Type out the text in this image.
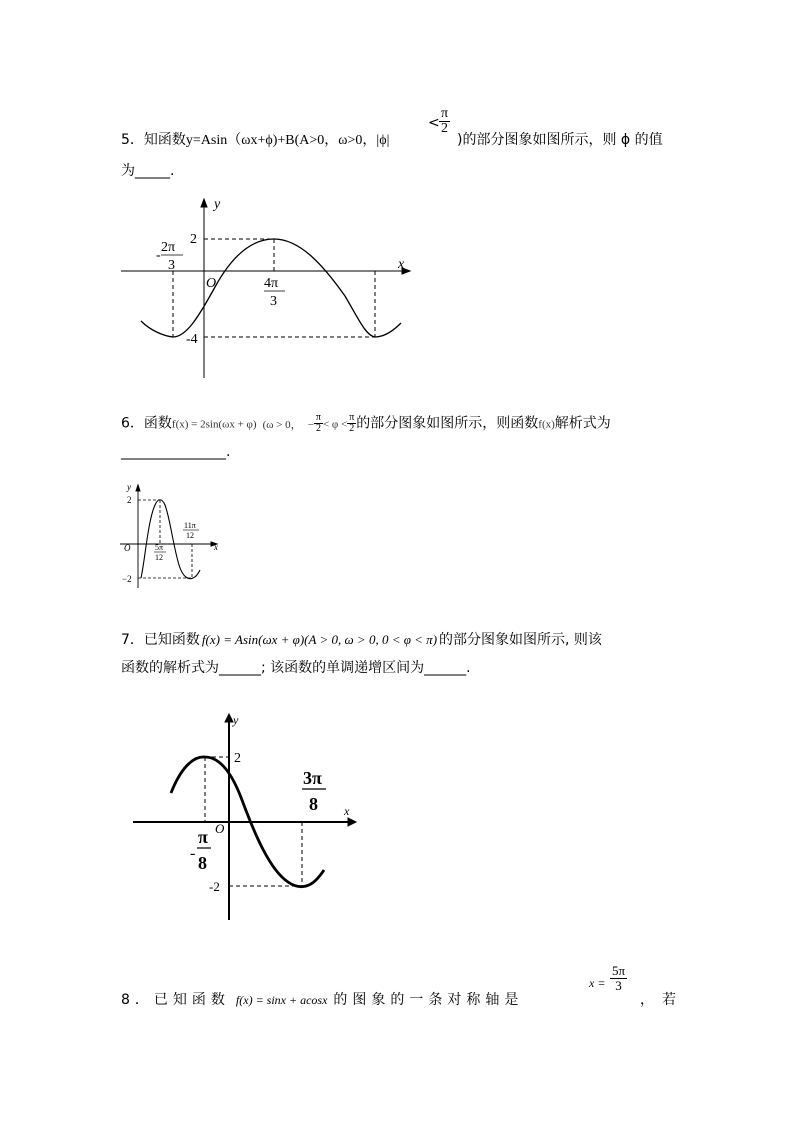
5．知函数y=Asin（ωx+ϕ)+B(A>0，ω>0，|ϕ|
< $\frac{\pi}{2}$
)的部分图象如图所示，则 ϕ 的值
为_____.
y
x
O
2
-4
-
2π
3
4π
3
6．函数f(x) = 2sin(ωx + φ) (ω > 0， − $\frac{\pi}{2} < \varphi < \frac{\pi}{2}$ 的部分图象如图所示，则函数f(x)解析式为
_______________.
y
x
O
2
−2
5π
12
11π
12
7．已知函数 f(x) = Asin(ωx + φ)(A > 0, ω > 0, 0 < φ < π) 的部分图象如图所示, 则该
函数的解析式为______; 该函数的单调递增区间为______.
y
x
O
2
-2
-
π
8
3π
8
8．已知函数 f(x) = sinx + acosx 的图象的一条对称轴是
$x = \frac{5\pi}{3}$
，若
